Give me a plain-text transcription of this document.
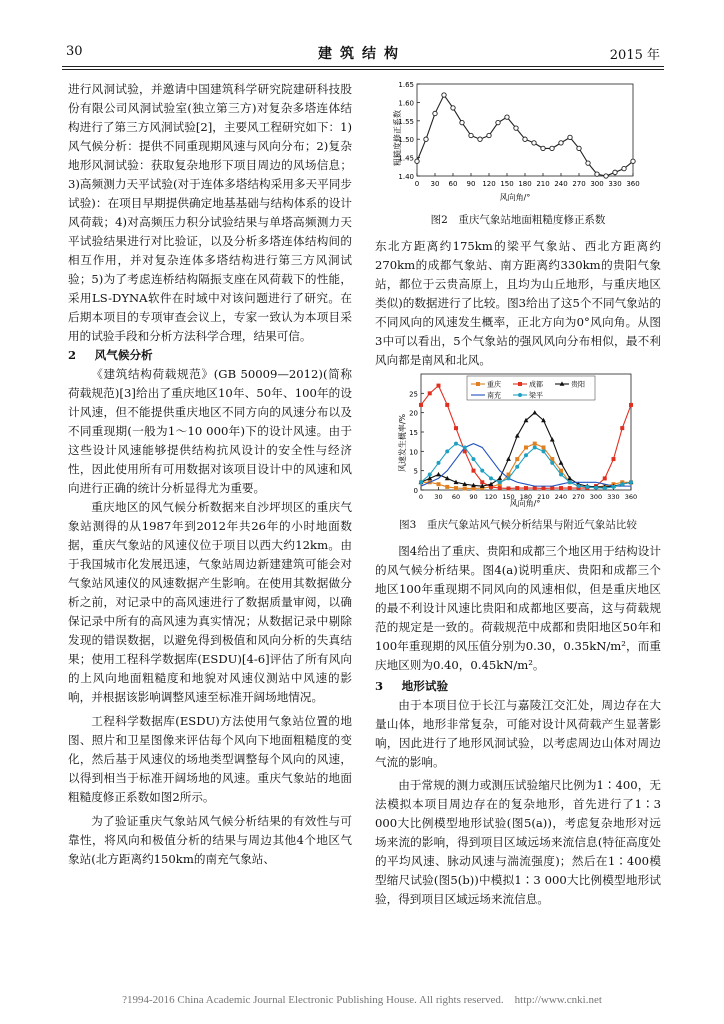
30	建筑结构	2015 年

进行风洞试验，并邀请中国建筑科学研究院建研科技股份有限公司风洞试验室(独立第三方)对复杂多塔连体结构进行了第三方风洞试验[2]，主要风工程研究如下：1)风气候分析：提供不同重现期风速与风向分布；2)复杂地形风洞试验：获取复杂地形下项目周边的风场信息；3)高频测力天平试验(对于连体多塔结构采用多天平同步试验)：在项目早期提供确定地基基础与结构体系的设计风荷载；4)对高频压力积分试验结果与单塔高频测力天平试验结果进行对比验证，以及分析多塔连体结构间的相互作用，并对复杂连体多塔结构进行第三方风洞试验；5)为了考虑连桥结构隔振支座在风荷载下的性能，采用LS-DYNA软件在时域中对该问题进行了研究。在后期本项目的专项审查会议上，专家一致认为本项目采用的试验手段和分析方法科学合理，结果可信。

2 风气候分析

《建筑结构荷载规范》(GB 50009—2012)(简称荷载规范)[3]给出了重庆地区10年、50年、100年的设计风速，但不能提供重庆地区不同方向的风速分布以及不同重现期(一般为1～10 000年)下的设计风速。由于这些设计风速能够提供结构抗风设计的安全性与经济性，因此使用所有可用数据对该项目设计中的风速和风向进行正确的统计分析显得尤为重要。

重庆地区的风气候分析数据来自沙坪坝区的重庆气象站测得的从1987年到2012年共26年的小时地面数据，重庆气象站的风速仪位于项目以西大约12km。由于我国城市化发展迅速，气象站周边新建建筑可能会对气象站风速仪的风速数据产生影响。在使用其数据做分析之前，对记录中的高风速进行了数据质量审阅，以确保记录中所有的高风速为真实情况；从数据记录中剔除发现的错误数据，以避免得到极值和风向分析的失真结果；使用工程科学数据库(ESDU)[4-6]评估了所有风向的上风向地面粗糙度和地貌对风速仪测站中风速的影响，并根据该影响调整风速至标准开阔场地情况。

工程科学数据库(ESDU)方法使用气象站位置的地图、照片和卫星图像来评估每个风向下地面粗糙度的变化，然后基于风速仪的场地类型调整每个风向的风速，以得到相当于标准开阔场地的风速。重庆气象站的地面粗糙度修正系数如图2所示。

为了验证重庆气象站风气候分析结果的有效性与可靠性，将风向和极值分析的结果与周边其他4个地区气象站(北方距离约150km的南充气象站、

1.40
1.45
1.50
1.55
1.60
1.65
0 30 60 90 120 150 180 210 240 270 300 330 360
粗糙度修正系数
风向角/°
图2　重庆气象站地面粗糙度修正系数
0
5
10
15
20
25
0 30 60 90 120 150 180 210 240 270 300 330 360
重庆	成都	贵阳
南充	梁平
风速发生概率/%
风向角/°
图3　重庆气象站风气候分析结果与附近气象站比较

东北方距离约175km的梁平气象站、西北方距离约270km的成都气象站、南方距离约330km的贵阳气象站，都位于云贵高原上，且均为山丘地形，与重庆地区类似)的数据进行了比较。图3给出了这5个不同气象站的不同风向的风速发生概率，正北方向为0°风向角。从图3中可以看出，5个气象站的强风风向分布相似，最不利风向都是南风和北风。

图4给出了重庆、贵阳和成都三个地区用于结构设计的风气候分析结果。图4(a)说明重庆、贵阳和成都三个地区100年重现期不同风向的风速相似，但是重庆地区的最不利设计风速比贵阳和成都地区要高，这与荷载规范的规定是一致的。荷载规范中成都和贵阳地区50年和100年重现期的风压值分别为0.30，0.35kN/m²，而重庆地区则为0.40，0.45kN/m²。

3 地形试验

由于本项目位于长江与嘉陵江交汇处，周边存在大量山体，地形非常复杂，可能对设计风荷载产生显著影响，因此进行了地形风洞试验，以考虑周边山体对周边气流的影响。

由于常规的测力或测压试验缩尺比例为1∶400，无法模拟本项目周边存在的复杂地形，首先进行了1∶3 000大比例模型地形试验(图5(a))，考虑复杂地形对远场来流的影响，得到项目区域远场来流信息(特征高度处的平均风速、脉动风速与湍流强度)；然后在1∶400模型缩尺试验(图5(b))中模拟1∶3 000大比例模型地形试验，得到项目区域远场来流信息。

?1994-2016 China Academic Journal Electronic Publishing House. All rights reserved.　http://www.cnki.net
